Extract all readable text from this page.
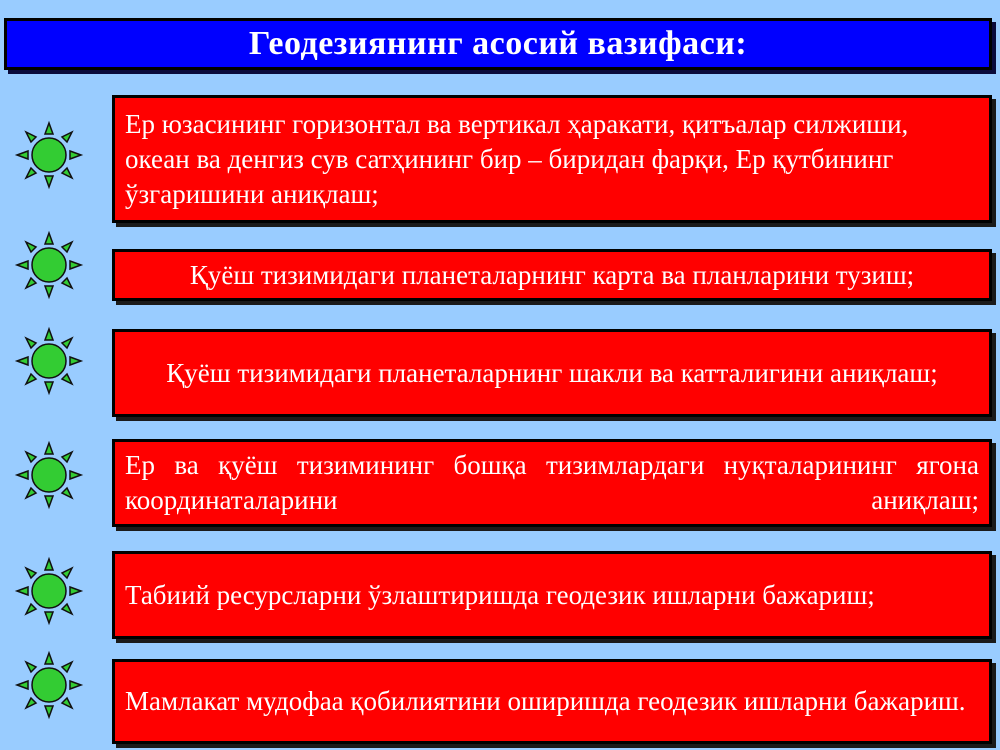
Геодезиянинг асосий вазифаси:
Ер юзасининг горизонтал ва вертикал ҳаракати, қитъалар силжиши, океан ва денгиз сув сатҳининг бир – биридан фарқи, Ер қутбининг ўзгаришини аниқлаш;
Қуёш тизимидаги планеталарнинг карта ва планларини тузиш;
Қуёш тизимидаги планеталарнинг шакли ва катталигини аниқлаш;
Ер ва қуёш тизимининг бошқа тизимлардаги нуқталарининг ягона координаталарини аниқлаш;
Табиий ресурсларни ўзлаштиришда геодезик ишларни бажариш;
Мамлакат мудофаа қобилиятини оширишда геодезик ишларни бажариш.
